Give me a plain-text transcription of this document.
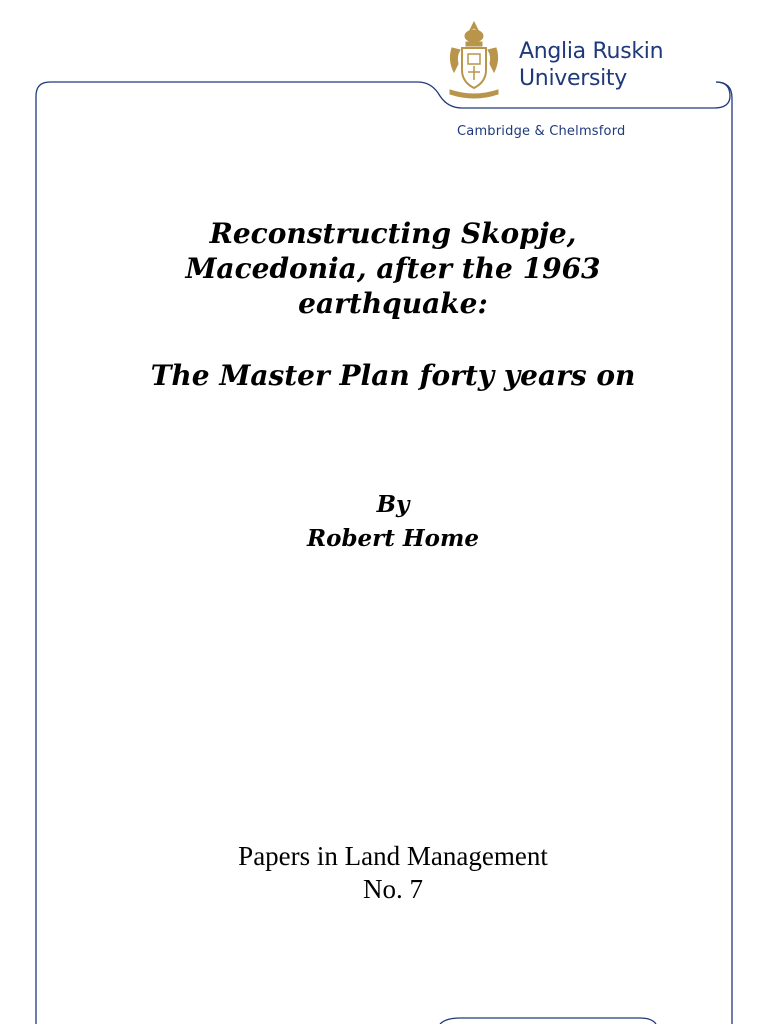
Anglia Ruskin
University
Cambridge & Chelmsford
Reconstructing Skopje,
Macedonia, after the 1963
earthquake:
The Master Plan forty years on
By
Robert Home
Papers in Land Management
No. 7
